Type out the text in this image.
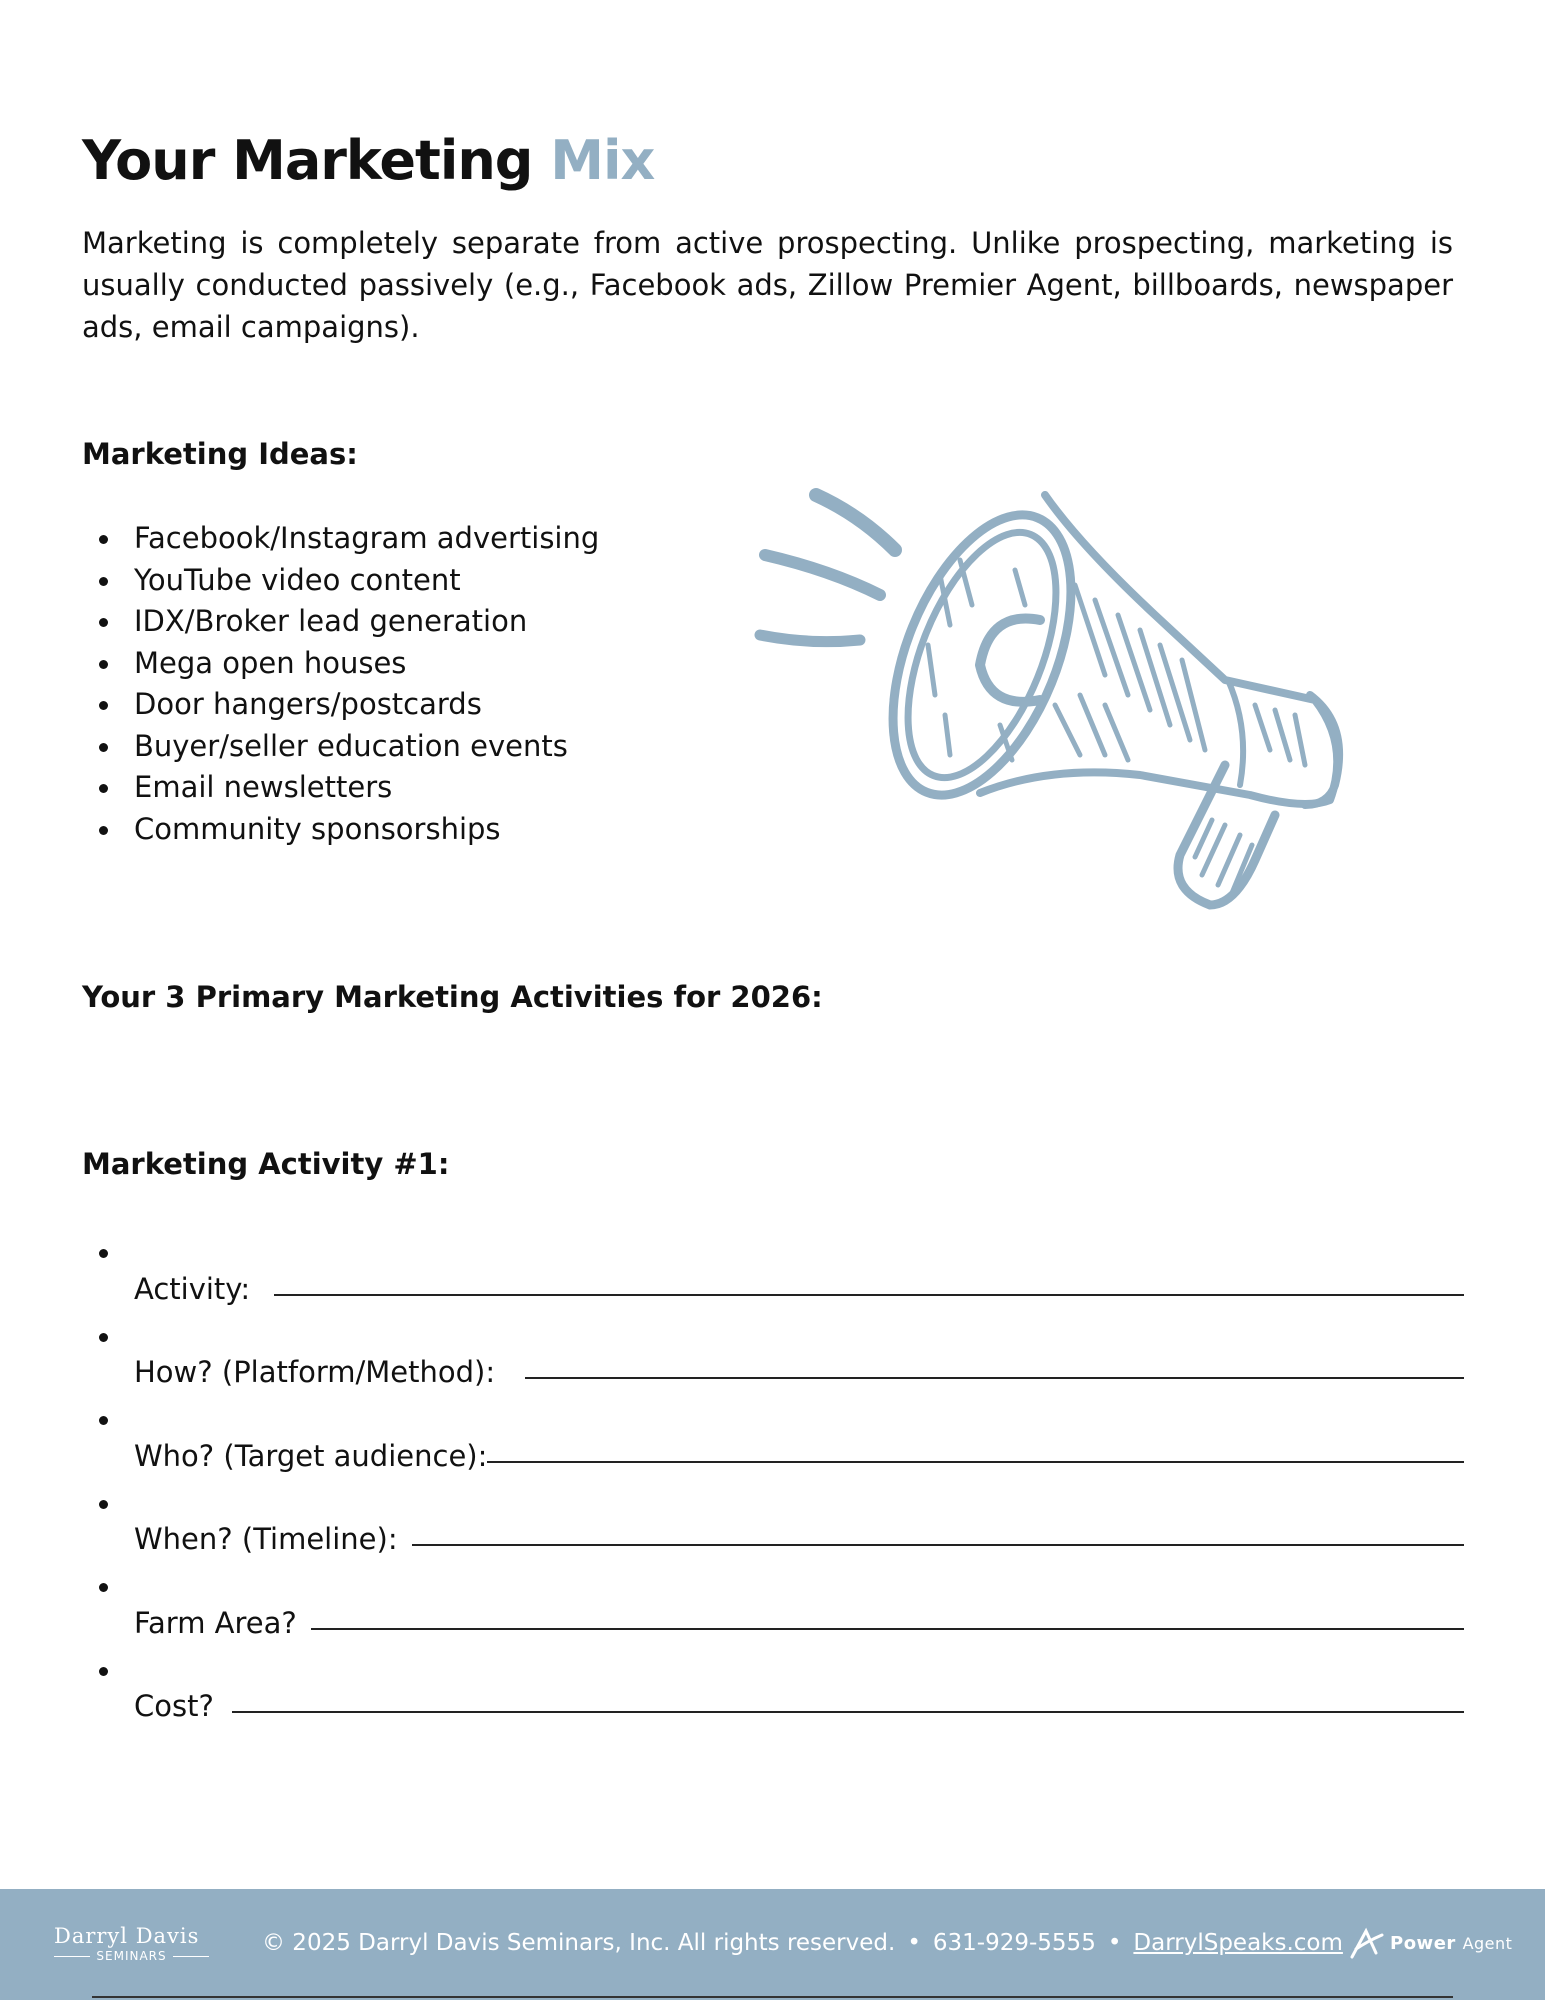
Your Marketing Mix

Marketing is completely separate from active prospecting. Unlike prospecting, marketing is usually conducted passively (e.g., Facebook ads, Zillow Premier Agent, billboards, newspaper ads, email campaigns).

Marketing Ideas:
Facebook/Instagram advertising
YouTube video content
IDX/Broker lead generation
Mega open houses
Door hangers/postcards
Buyer/seller education events
Email newsletters
Community sponsorships
Your 3 Primary Marketing Activities for 2026:
Marketing Activity #1:
Activity:
How? (Platform/Method):
Who? (Target audience):
When? (Timeline):
Farm Area?
Cost?
Darryl Davis
SEMINARS	© 2025 Darryl Davis Seminars, Inc. All rights reserved. • 631-929-5555 • DarrylSpeaks.com	Power Agent
